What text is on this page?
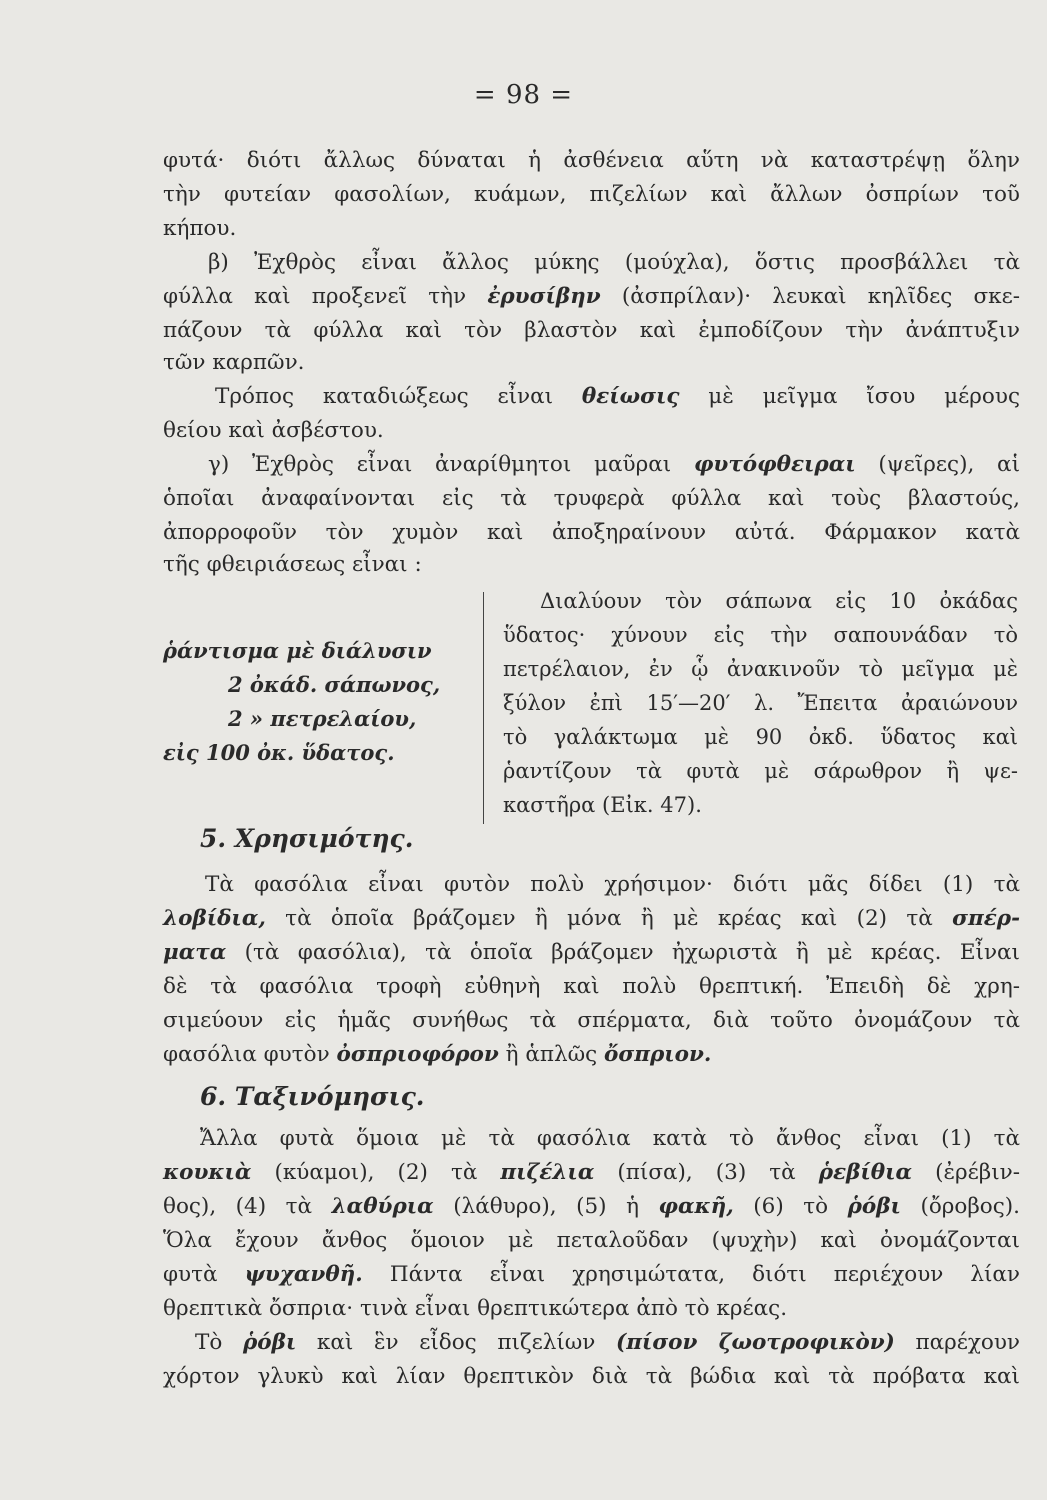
= 98 =
φυτά· διότι ἄλλως δύναται ἡ ἀσθένεια αὕτη νὰ καταστρέψῃ ὅλην
τὴν φυτείαν φασολίων, κυάμων, πιζελίων καὶ ἄλλων ὀσπρίων τοῦ
κήπου.
β) Ἐχθρὸς εἶναι ἄλλος μύκης (μούχλα), ὅστις προσβάλλει τὰ
φύλλα καὶ προξενεῖ τὴν ἐρυσίβην (ἀσπρίλαν)· λευκαὶ κηλῖδες σκε-
πάζουν τὰ φύλλα καὶ τὸν βλαστὸν καὶ ἐμποδίζουν τὴν ἀνάπτυξιν
τῶν καρπῶν.
Τρόπος καταδιώξεως εἶναι θείωσις μὲ μεῖγμα ἴσου μέρους
θείου καὶ ἀσβέστου.
γ) Ἐχθρὸς εἶναι ἀναρίθμητοι μαῦραι φυτόφθειραι (ψεῖρες), αἱ
ὁποῖαι ἀναφαίνονται εἰς τὰ τρυφερὰ φύλλα καὶ τοὺς βλαστούς,
ἀπορροφοῦν τὸν χυμὸν καὶ ἀποξηραίνουν αὐτά. Φάρμακον κατὰ
τῆς φθειριάσεως εἶναι :
ῥάντισμα μὲ διάλυσιν
2 ὀκάδ. σάπωνος,
2 » πετρελαίου,
εἰς 100 ὀκ. ὕδατος.
Διαλύουν τὸν σάπωνα εἰς 10 ὀκάδας
ὕδατος· χύνουν εἰς τὴν σαπουνάδαν τὸ
πετρέλαιον, ἐν ᾧ ἀνακινοῦν τὸ μεῖγμα μὲ
ξύλον ἐπὶ 15′—20′ λ. Ἔπειτα ἀραιώνουν
τὸ γαλάκτωμα μὲ 90 ὀκδ. ὕδατος καὶ
ῥαντίζουν τὰ φυτὰ μὲ σάρωθρον ἢ ψε-
καστῆρα (Εἰκ. 47).
5. Χρησιμότης.
Τὰ φασόλια εἶναι φυτὸν πολὺ χρήσιμον· διότι μᾶς δίδει (1) τὰ
λοβίδια, τὰ ὁποῖα βράζομεν ἢ μόνα ἢ μὲ κρέας καὶ (2) τὰ σπέρ-
ματα (τὰ φασόλια), τὰ ὁποῖα βράζομεν ἠχωριστὰ ἢ μὲ κρέας. Εἶναι
δὲ τὰ φασόλια τροφὴ εὐθηνὴ καὶ πολὺ θρεπτική. Ἐπειδὴ δὲ χρη-
σιμεύουν εἰς ἡμᾶς συνήθως τὰ σπέρματα, διὰ τοῦτο ὀνομάζουν τὰ
φασόλια φυτὸν ὀσπριοφόρον ἢ ἁπλῶς ὄσπριον.
6. Ταξινόμησις.
Ἄλλα φυτὰ ὅμοια μὲ τὰ φασόλια κατὰ τὸ ἄνθος εἶναι (1) τὰ
κουκιὰ (κύαμοι), (2) τὰ πιζέλια (πίσα), (3) τὰ ῥεβίθια (ἐρέβιν-
θος), (4) τὰ λαθύρια (λάθυρο), (5) ἡ φακῆ, (6) τὸ ῥόβι (ὄροβος).
Ὅλα ἔχουν ἄνθος ὅμοιον μὲ πεταλοῦδαν (ψυχὴν) καὶ ὀνομάζονται
φυτὰ ψυχανθῆ. Πάντα εἶναι χρησιμώτατα, διότι περιέχουν λίαν
θρεπτικὰ ὄσπρια· τινὰ εἶναι θρεπτικώτερα ἀπὸ τὸ κρέας.
Τὸ ῥόβι καὶ ἓν εἶδος πιζελίων (πίσον ζωοτροφικὸν) παρέχουν
χόρτον γλυκὺ καὶ λίαν θρεπτικὸν διὰ τὰ βώδια καὶ τὰ πρόβατα καὶ
